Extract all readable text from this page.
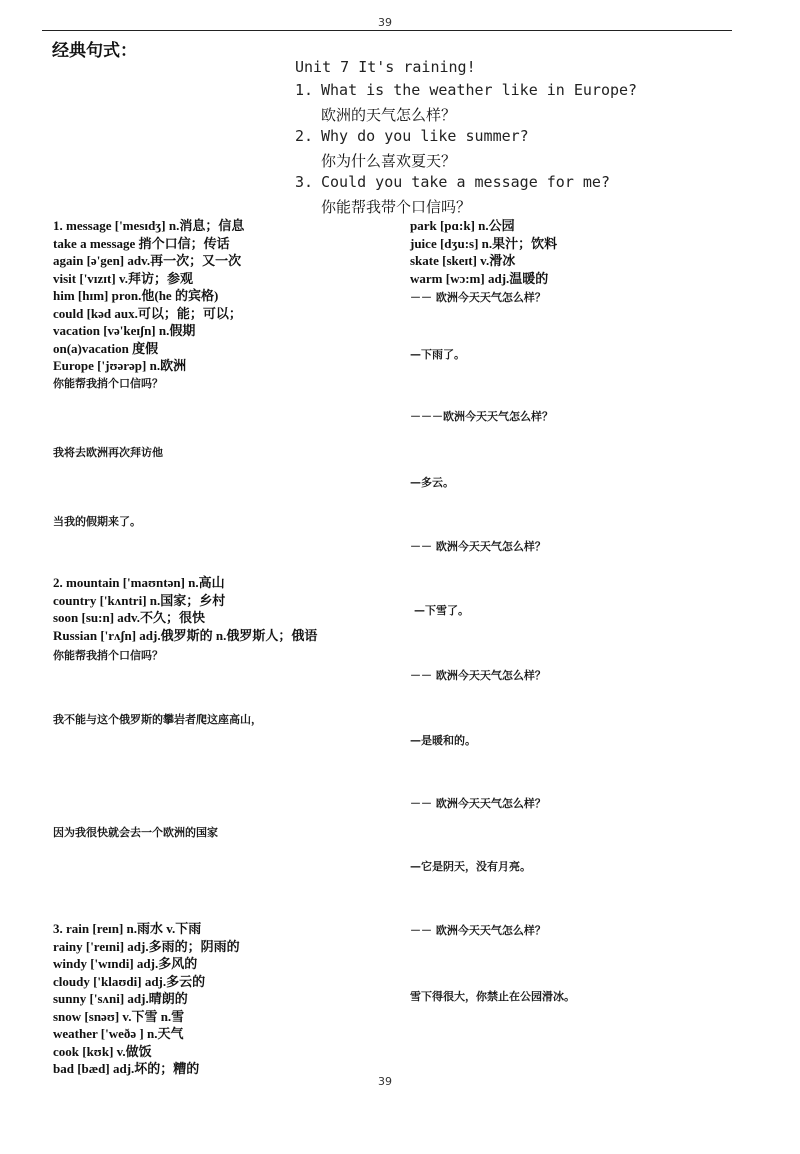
39
经典句式：
Unit 7 It's raining!
1. What is the weather like in Europe?
欧洲的天气怎么样？
2. Why do you like summer?
你为什么喜欢夏天？
3. Could you take a message for me?
你能帮我带个口信吗？
1. message ['mesɪdʒ] n.消息；信息
take a message 捎个口信；传话
again [ə'gen] adv.再一次；又一次
visit ['vɪzɪt] v.拜访；参观
him [hɪm] pron.他(he 的宾格)
could [kəd aux.可以；能；可以；
vacation [və'keɪʃn] n.假期
on(a)vacation 度假
Europe ['jʊərəp] n.欧洲
park [pɑ:k] n.公园
juice [dʒu:s] n.果汁；饮料
skate [skeɪt] v.滑冰
warm [wɔ:m] adj.温暖的
你能帮我捎个口信吗？
我将去欧洲再次拜访他
当我的假期来了。
2. mountain ['maʊntən] n.高山
country ['kʌntri] n.国家；乡村
soon [su:n] adv.不久；很快
Russian ['rʌʃn] adj.俄罗斯的 n.俄罗斯人；俄语
你能帮我捎个口信吗？
我不能与这个俄罗斯的攀岩者爬这座高山，
因为我很快就会去一个欧洲的国家
3. rain [reɪn] n.雨水 v.下雨
rainy ['reɪni] adj.多雨的；阴雨的
windy ['wɪndi] adj.多风的
cloudy ['klaʊdi] adj.多云的
sunny ['sʌni] adj.晴朗的
snow [snəʊ] v.下雪 n.雪
weather ['weðə ] n.天气
cook [kʊk] v.做饭
bad [bæd] adj.坏的；糟的
－－ 欧洲今天天气怎么样？
—下雨了。
－－－欧洲今天天气怎么样？
—多云。
－－ 欧洲今天天气怎么样？
—下雪了。
－－ 欧洲今天天气怎么样？
—是暖和的。
－－ 欧洲今天天气怎么样？
—它是阴天，没有月亮。
－－ 欧洲今天天气怎么样？
雪下得很大，你禁止在公园滑冰。
39
